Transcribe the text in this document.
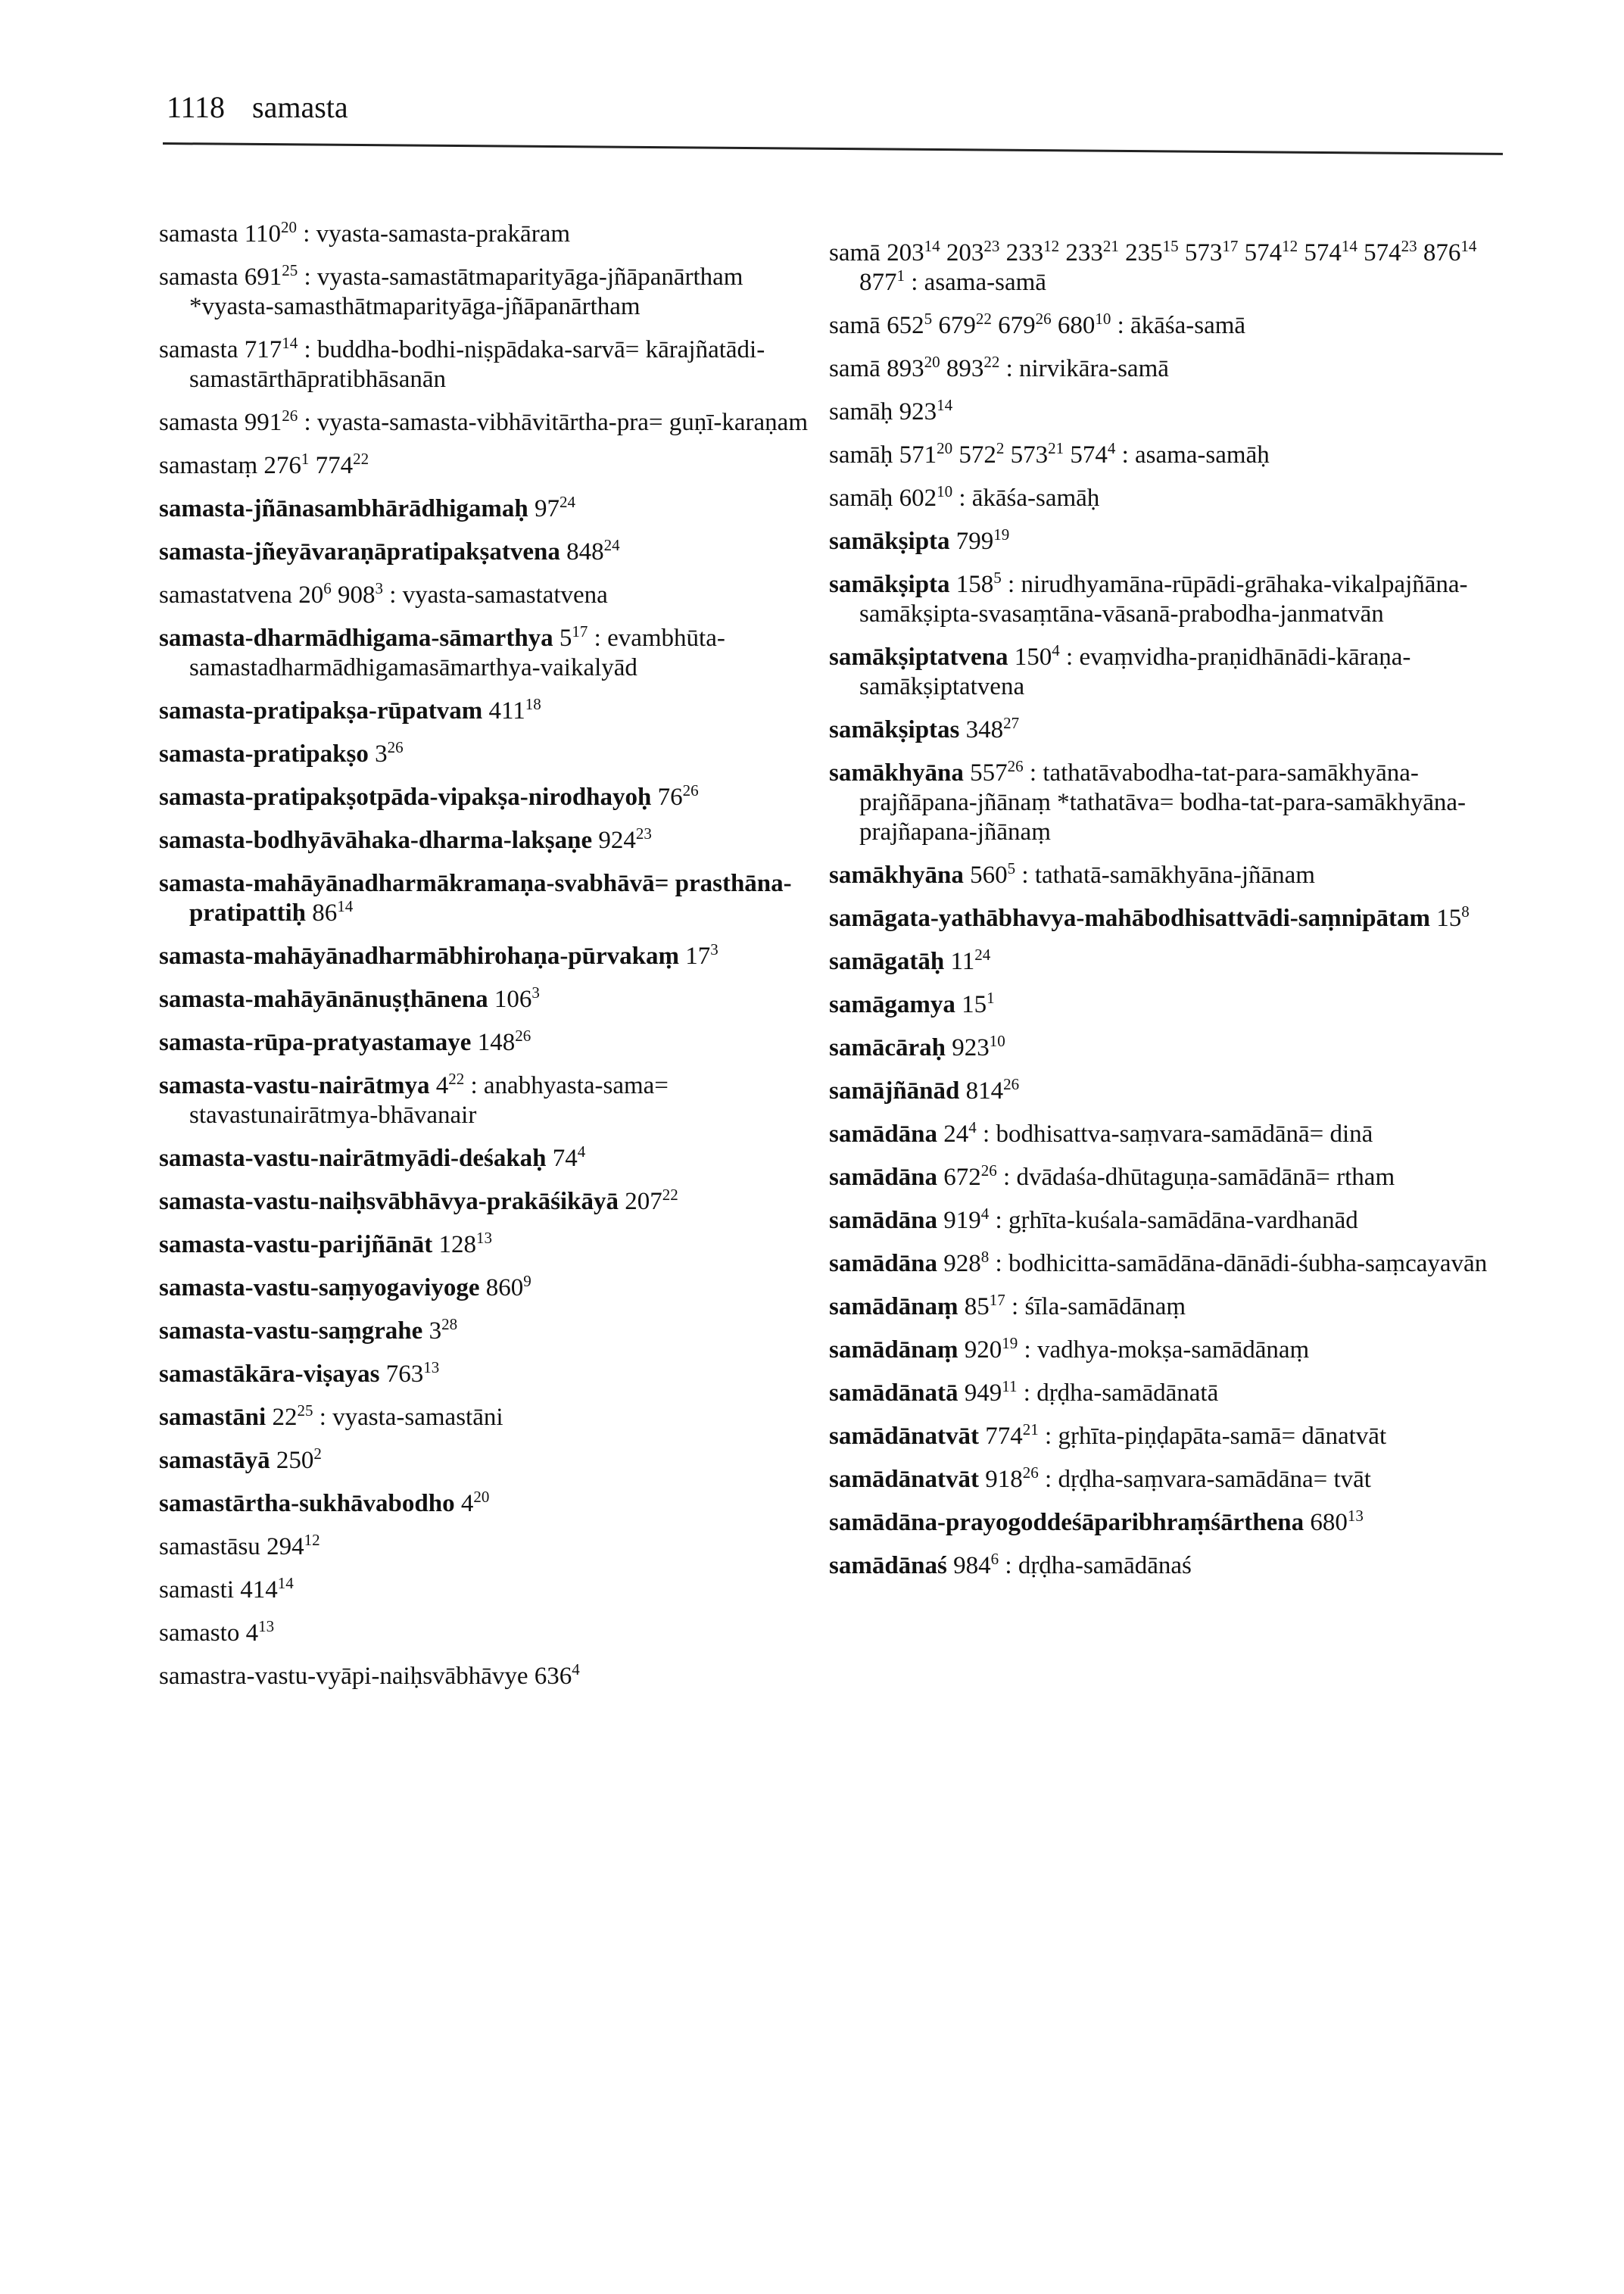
1118 samasta
samasta $110^{20}$ : vyasta-samasta-prakāram
samasta $691^{25}$ : vyasta-samastātmaparityāga-jñāpanārtham *vyasta-samasthātmaparityāga-jñāpanārtham
samasta $717^{14}$ : buddha-bodhi-niṣpādaka-sarvā= kārajñatādi-samastārthāpratibhāsanān
samasta $991^{26}$ : vyasta-samasta-vibhāvitārtha-pra= guṇī-karaṇam
samastaṃ $276^1$ $774^{22}$
samasta-jñānasambhārādhigamaḥ $97^{24}$
samasta-jñeyāvaraṇāpratipakṣatvena $848^{24}$
samastatvena $20^6$ $908^3$ : vyasta-samastatvena
samasta-dharmādhigama-sāmarthya $5^{17}$ : evambhūta-samastadharmādhigamasāmarthya-vaikalyād
samasta-pratipakṣa-rūpatvam $411^{18}$
samasta-pratipakṣo $3^{26}$
samasta-pratipakṣotpāda-vipakṣa-nirodhayoḥ $76^{26}$
samasta-bodhyāvāhaka-dharma-lakṣaṇe $924^{23}$
samasta-mahāyānadharmākramaṇa-svabhāvā= prasthāna-pratipattiḥ $86^{14}$
samasta-mahāyānadharmābhirohaṇa-pūrvakaṃ $17^3$
samasta-mahāyānānuṣṭhānena $106^3$
samasta-rūpa-pratyastamaye $148^{26}$
samasta-vastu-nairātmya $4^{22}$ : anabhyasta-sama= stavastunairātmya-bhāvanair
samasta-vastu-nairātmyādi-deśakaḥ $74^4$
samasta-vastu-naiḥsvābhāvya-prakāśikāyā $207^{22}$
samasta-vastu-parijñānāt $128^{13}$
samasta-vastu-saṃyogaviyoge $860^9$
samasta-vastu-saṃgrahe $3^{28}$
samastākāra-viṣayas $763^{13}$
samastāni $22^{25}$ : vyasta-samastāni
samastāyā $250^2$
samastārtha-sukhāvabodho $4^{20}$
samastāsu $294^{12}$
samasti $414^{14}$
samasto $4^{13}$
samastra-vastu-vyāpi-naiḥsvābhāvye $636^4$
samā $203^{14}$ $203^{23}$ $233^{12}$ $233^{21}$ $235^{15}$ $573^{17}$ $574^{12}$ $574^{14}$ $574^{23}$ $876^{14}$ $877^1$ : asama-samā
samā $652^5$ $679^{22}$ $679^{26}$ $680^{10}$ : ākāśa-samā
samā $893^{20}$ $893^{22}$ : nirvikāra-samā
samāḥ $923^{14}$
samāḥ $571^{20}$ $572^2$ $573^{21}$ $574^4$ : asama-samāḥ
samāḥ $602^{10}$ : ākāśa-samāḥ
samākṣipta $799^{19}$
samākṣipta $158^5$ : nirudhyamāna-rūpādi-grāhaka-vikalpajñāna-samākṣipta-svasaṃtāna-vāsanā-prabodha-janmatvān
samākṣiptatvena $150^4$ : evaṃvidha-praṇidhānādi-kāraṇa-samākṣiptatvena
samākṣiptas $348^{27}$
samākhyāna $557^{26}$ : tathatāvabodha-tat-para-samākhyāna-prajñāpana-jñānaṃ *tathatāva= bodha-tat-para-samākhyāna-prajñapana-jñānaṃ
samākhyāna $560^5$ : tathatā-samākhyāna-jñānam
samāgata-yathābhavya-mahābodhisattvādi-saṃnipātam $15^8$
samāgatāḥ $11^{24}$
samāgamya $15^1$
samācāraḥ $923^{10}$
samājñānād $814^{26}$
samādāna $24^4$ : bodhisattva-saṃvara-samādānā= dinā
samādāna $672^{26}$ : dvādaśa-dhūtaguṇa-samādānā= rtham
samādāna $919^4$ : gṛhīta-kuśala-samādāna-vardhanād
samādāna $928^8$ : bodhicitta-samādāna-dānādi-śubha-saṃcayavān
samādānaṃ $85^{17}$ : śīla-samādānaṃ
samādānaṃ $920^{19}$ : vadhya-mokṣa-samādānaṃ
samādānatā $949^{11}$ : dṛḍha-samādānatā
samādānatvāt $774^{21}$ : gṛhīta-piṇḍapāta-samā= dānatvāt
samādānatvāt $918^{26}$ : dṛḍha-saṃvara-samādāna= tvāt
samādāna-prayogoddeśāparibhraṃśārthena $680^{13}$
samādānaś $984^6$ : dṛḍha-samādānaś
